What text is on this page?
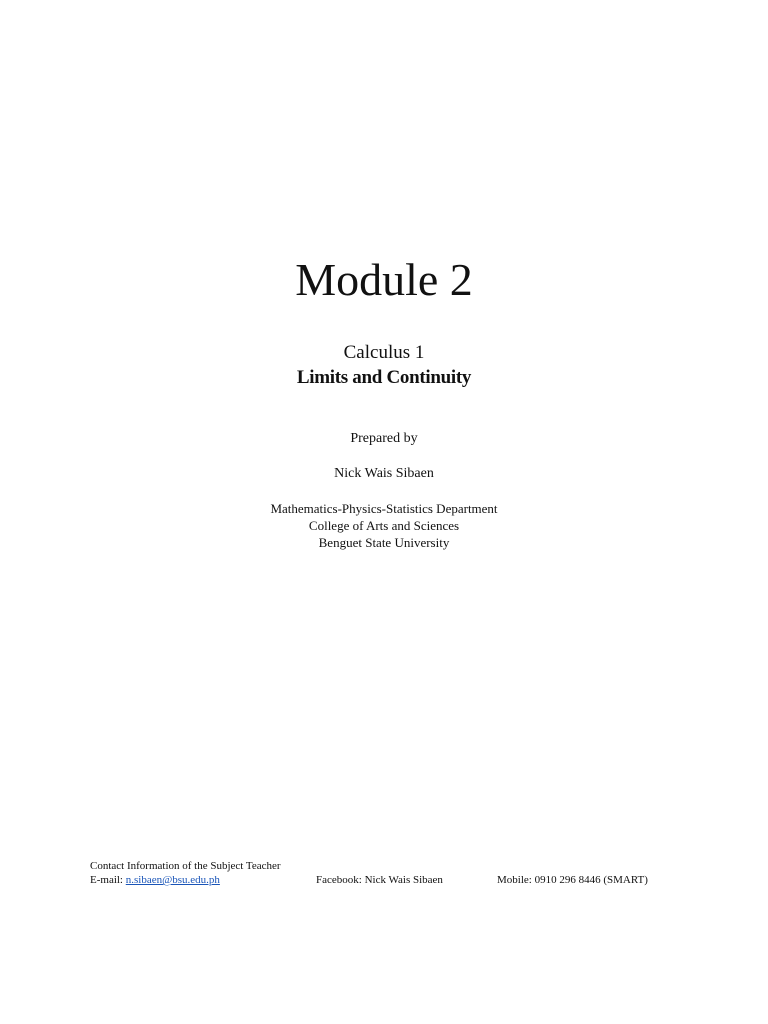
Module 2
Calculus 1
Limits and Continuity
Prepared by
Nick Wais Sibaen
Mathematics-Physics-Statistics Department
College of Arts and Sciences
Benguet State University
Contact Information of the Subject Teacher
E-mail: n.sibaen@bsu.edu.ph	Facebook: Nick Wais Sibaen	Mobile: 0910 296 8446 (SMART)
